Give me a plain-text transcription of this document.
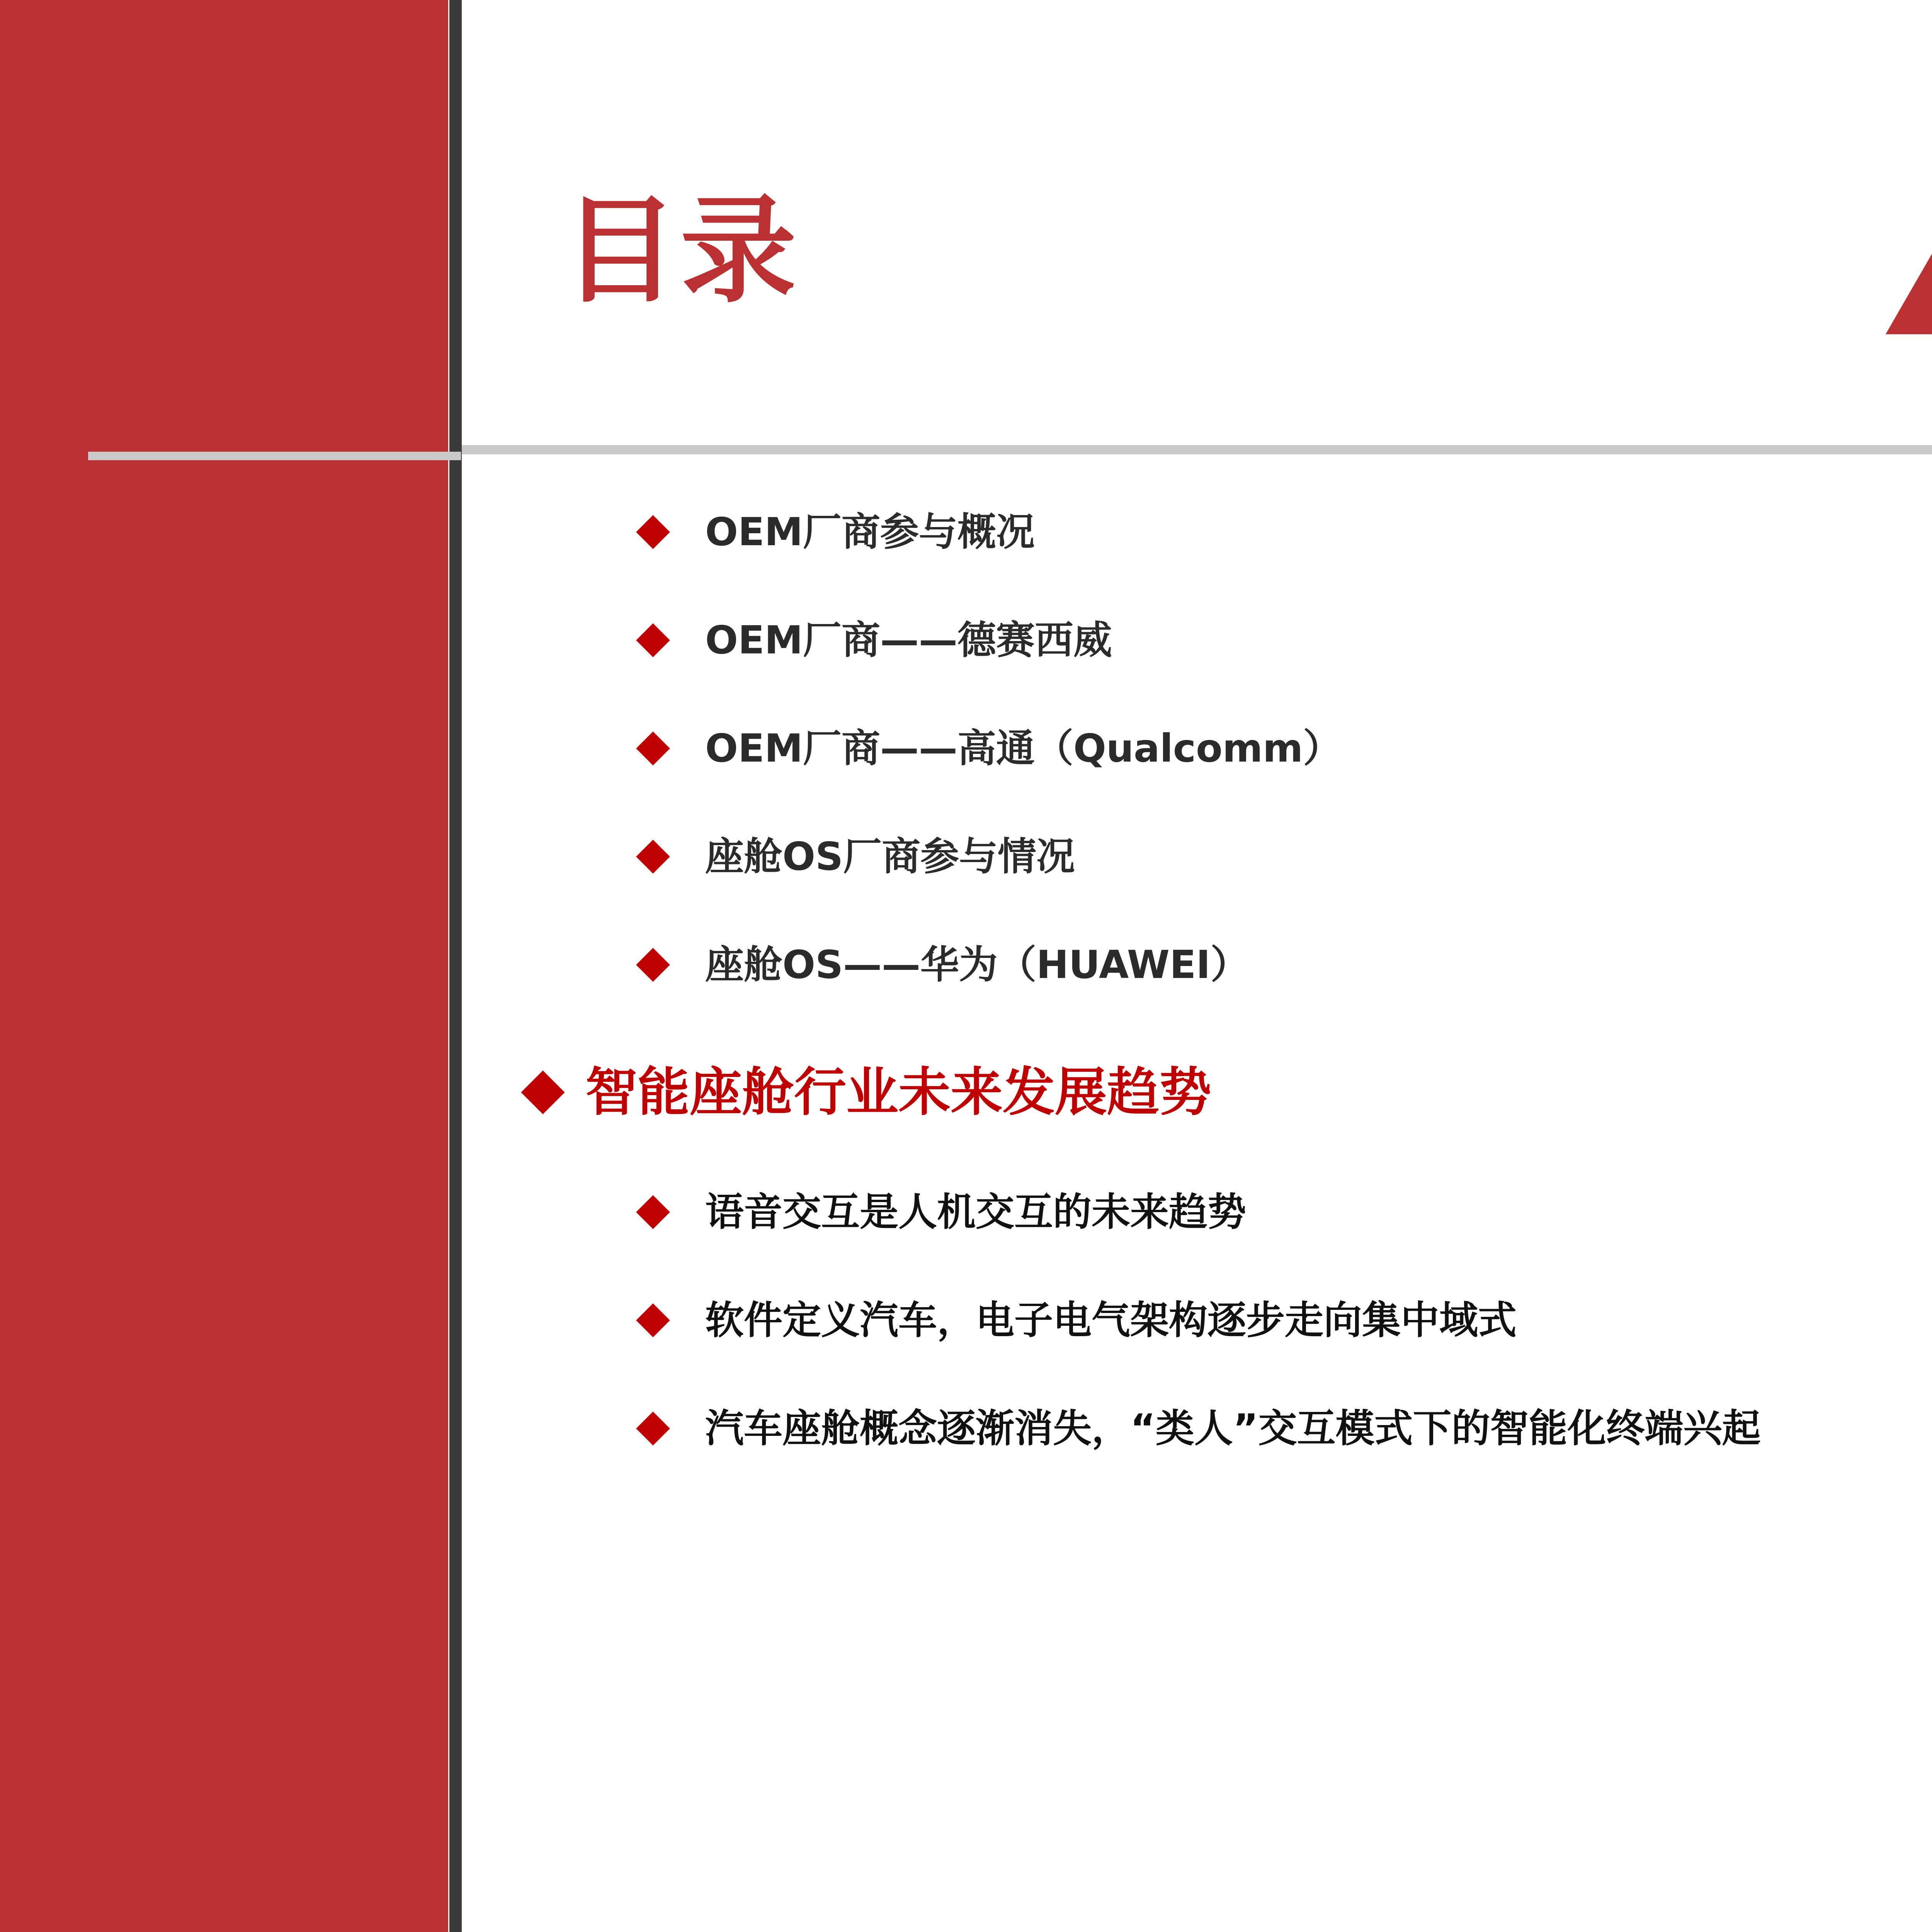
目录
OEM厂商参与概况
OEM厂商——德赛西威
OEM厂商——高通（Qualcomm）
座舱OS厂商参与情况
座舱OS——华为（HUAWEI）
智能座舱行业未来发展趋势
语音交互是人机交互的未来趋势
软件定义汽车，电子电气架构逐步走向集中域式
汽车座舱概念逐渐消失，“类人”交互模式下的智能化终端兴起
